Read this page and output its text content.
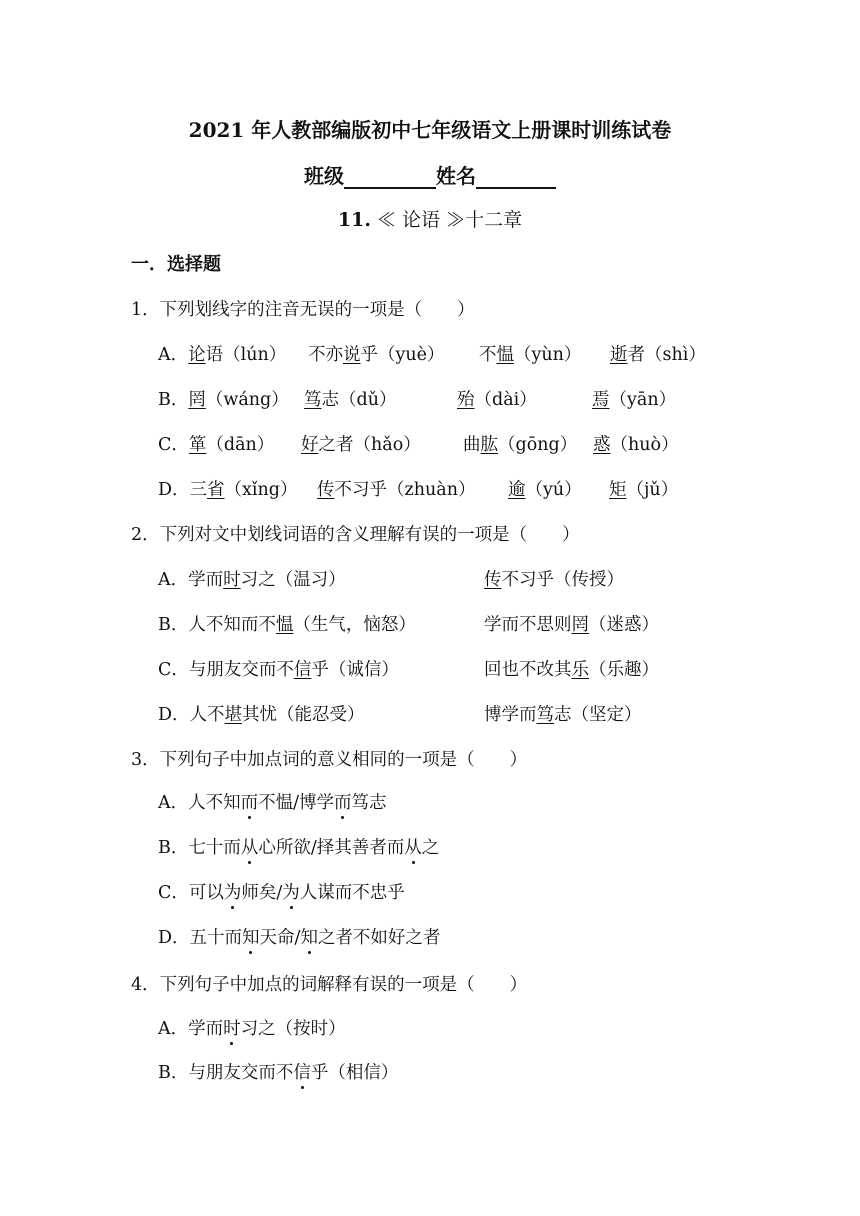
2021 年人教部编版初中七年级语文上册课时训练试卷
班级	姓名
11. ≪ 论语 ≫十二章
一．选择题
1．下列划线字的注音无误的一项是（　　）
A．论语（lún） 不亦说乎（yuè） 不愠（yùn） 逝者（shì）
B．罔（wáng） 笃志（dǔ）	殆（dài）	焉（yān）
C．箪（dān） 好之者（hǎo） 曲肱（gōng） 惑（huò）
D．三省（xǐng） 传不习乎（zhuàn） 逾（yú） 矩（jǔ）
2．下列对文中划线词语的含义理解有误的一项是（　　）
A．学而时习之（温习）	传不习乎（传授）
B．人不知而不愠（生气，恼怒）	学而不思则罔（迷惑）
C．与朋友交而不信乎（诚信）	回也不改其乐（乐趣）
D．人不堪其忧（能忍受）	博学而笃志（坚定）
3．下列句子中加点词的意义相同的一项是（　　）
A．人不知而不愠/博学而笃志
B．七十而从心所欲/择其善者而从之
C．可以为师矣/为人谋而不忠乎
D．五十而知天命/知之者不如好之者
4．下列句子中加点的词解释有误的一项是（　　）
A．学而时习之（按时）
B．与朋友交而不信乎（相信）
